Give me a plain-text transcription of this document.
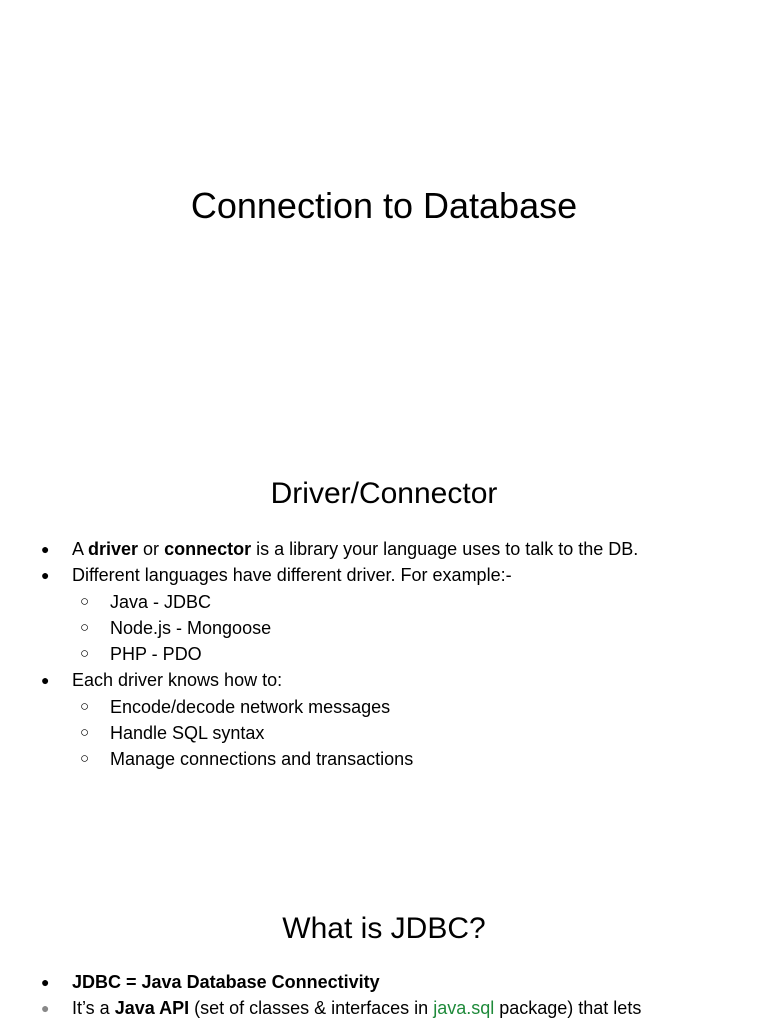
Connection to Database
Driver/Connector
● A driver or connector is a library your language uses to talk to the DB.
● Different languages have different driver. For example:-
○ Java - JDBC
○ Node.js - Mongoose
○ PHP - PDO
● Each driver knows how to:
○ Encode/decode network messages
○ Handle SQL syntax
○ Manage connections and transactions
What is JDBC?
● JDBC = Java Database Connectivity
● It’s a Java API (set of classes & interfaces in java.sql package) that lets
